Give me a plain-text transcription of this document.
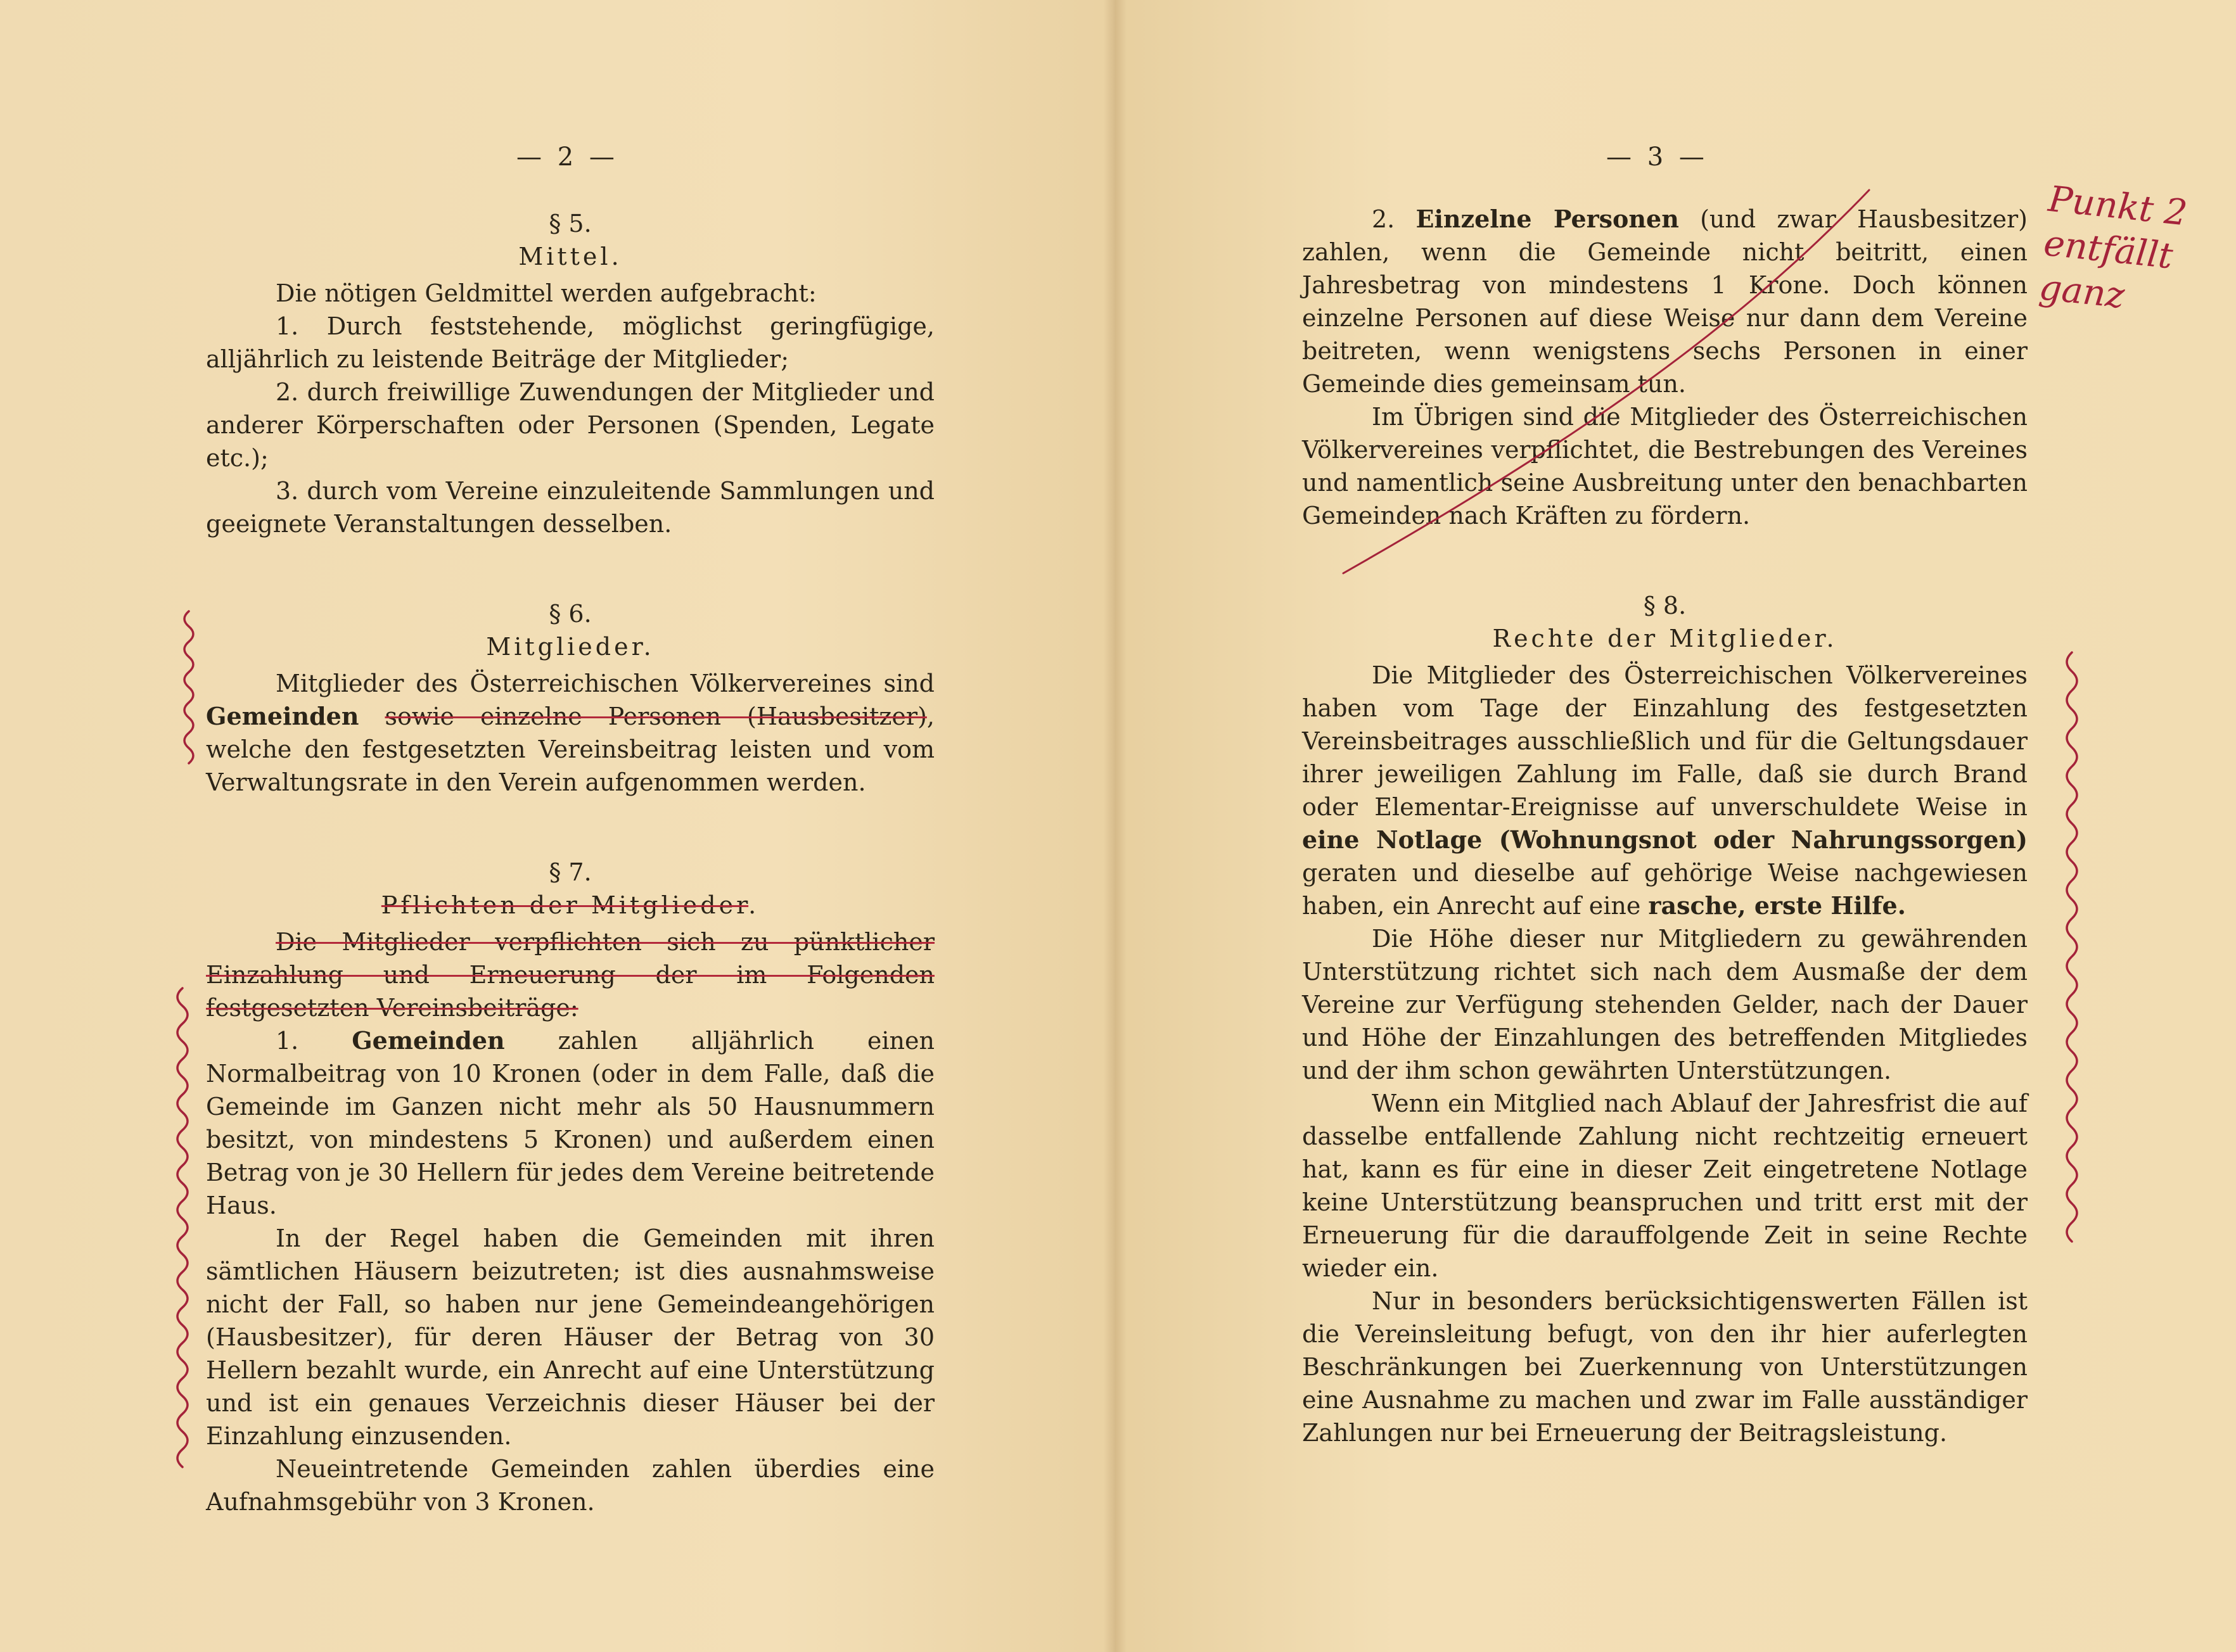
— 2 —	— 3 —

§ 5.

Mittel.

Die nötigen Geldmittel werden aufgebracht:

1. Durch feststehende, möglichst geringfügige, alljährlich zu leistende Beiträge der Mitglieder;

2. durch freiwillige Zuwendungen der Mitglieder und anderer Körperschaften oder Personen (Spenden, Legate etc.);

3. durch vom Vereine einzuleitende Sammlungen und geeignete Veranstaltungen desselben.

§ 6.

Mitglieder.

Mitglieder des Österreichischen Völkervereines sind Gemeinden sowie einzelne Personen (Hausbesitzer), welche den festgesetzten Vereinsbeitrag leisten und vom Verwaltungsrate in den Verein aufgenommen werden.

§ 7.

Pflichten der Mitglieder.

Die Mitglieder verpflichten sich zu pünktlicher Einzahlung und Erneuerung der im Folgenden festgesetzten Vereinsbeiträge:

1. Gemeinden zahlen alljährlich einen Normalbeitrag von 10 Kronen (oder in dem Falle, daß die Gemeinde im Ganzen nicht mehr als 50 Hausnummern besitzt, von mindestens 5 Kronen) und außerdem einen Betrag von je 30 Hellern für jedes dem Vereine beitretende Haus.

In der Regel haben die Gemeinden mit ihren sämtlichen Häusern beizutreten; ist dies ausnahmsweise nicht der Fall, so haben nur jene Gemeindeangehörigen (Hausbesitzer), für deren Häuser der Betrag von 30 Hellern bezahlt wurde, ein Anrecht auf eine Unterstützung und ist ein genaues Verzeichnis dieser Häuser bei der Einzahlung einzusenden.

Neueintretende Gemeinden zahlen überdies eine Aufnahmsgebühr von 3 Kronen.

2. Einzelne Personen (und zwar Hausbesitzer) zahlen, wenn die Gemeinde nicht beitritt, einen Jahresbetrag von mindestens 1 Krone. Doch können einzelne Personen auf diese Weise nur dann dem Vereine beitreten, wenn wenigstens sechs Personen in einer Gemeinde dies gemeinsam tun.

Im Übrigen sind die Mitglieder des Österreichischen Völkervereines verpflichtet, die Bestrebungen des Vereines und namentlich seine Ausbreitung unter den benachbarten Gemeinden nach Kräften zu fördern.

§ 8.

Rechte der Mitglieder.

Die Mitglieder des Österreichischen Völkervereines haben vom Tage der Einzahlung des festgesetzten Vereinsbeitrages ausschließlich und für die Geltungsdauer ihrer jeweiligen Zahlung im Falle, daß sie durch Brand oder Elementar-Ereignisse auf unverschuldete Weise in eine Notlage (Wohnungsnot oder Nahrungssorgen) geraten und dieselbe auf gehörige Weise nachgewiesen haben, ein Anrecht auf eine rasche, erste Hilfe.

Die Höhe dieser nur Mitgliedern zu gewährenden Unterstützung richtet sich nach dem Ausmaße der dem Vereine zur Verfügung stehenden Gelder, nach der Dauer und Höhe der Einzahlungen des betreffenden Mitgliedes und der ihm schon gewährten Unterstützungen.

Wenn ein Mitglied nach Ablauf der Jahresfrist die auf dasselbe entfallende Zahlung nicht rechtzeitig erneuert hat, kann es für eine in dieser Zeit eingetretene Notlage keine Unterstützung beanspruchen und tritt erst mit der Erneuerung für die darauffolgende Zeit in seine Rechte wieder ein.

Nur in besonders berücksichtigenswerten Fällen ist die Vereinsleitung befugt, von den ihr hier auferlegten Beschränkungen bei Zuerkennung von Unterstützungen eine Ausnahme zu machen und zwar im Falle ausständiger Zahlungen nur bei Erneuerung der Beitragsleistung.

Punkt 2 entfällt ganz
